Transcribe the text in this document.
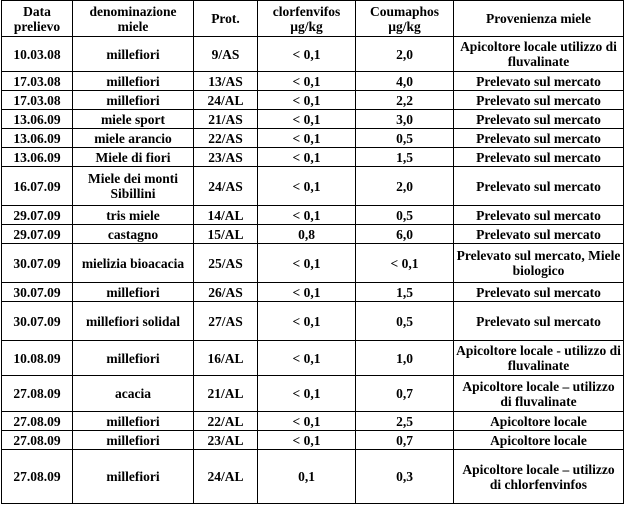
Data prelievo	denominazione miele	Prot.	clorfenvifos µg/kg	Coumaphos µg/kg	Provenienza miele
10.03.08	millefiori	9/AS	< 0,1	2,0	Apicoltore locale utilizzo di fluvalinate
17.03.08	millefiori	13/AS	< 0,1	4,0	Prelevato sul mercato
17.03.08	millefiori	24/AL	< 0,1	2,2	Prelevato sul mercato
13.06.09	miele sport	21/AS	< 0,1	3,0	Prelevato sul mercato
13.06.09	miele arancio	22/AS	< 0,1	0,5	Prelevato sul mercato
13.06.09	Miele di fiori	23/AS	< 0,1	1,5	Prelevato sul mercato
16.07.09	Miele dei monti Sibillini	24/AS	< 0,1	2,0	Prelevato sul mercato
29.07.09	tris miele	14/AL	< 0,1	0,5	Prelevato sul mercato
29.07.09	castagno	15/AL	0,8	6,0	Prelevato sul mercato
30.07.09	mielizia bioacacia	25/AS	< 0,1	< 0,1	Prelevato sul mercato, Miele biologico
30.07.09	millefiori	26/AS	< 0,1	1,5	Prelevato sul mercato
30.07.09	millefiori solidal	27/AS	< 0,1	0,5	Prelevato sul mercato
10.08.09	millefiori	16/AL	< 0,1	1,0	Apicoltore locale - utilizzo di fluvalinate
27.08.09	acacia	21/AL	< 0,1	0,7	Apicoltore locale – utilizzo di fluvalinate
27.08.09	millefiori	22/AL	< 0,1	2,5	Apicoltore locale
27.08.09	millefiori	23/AL	< 0,1	0,7	Apicoltore locale
27.08.09	millefiori	24/AL	0,1	0,3	Apicoltore locale – utilizzo di chlorfenvinfos
